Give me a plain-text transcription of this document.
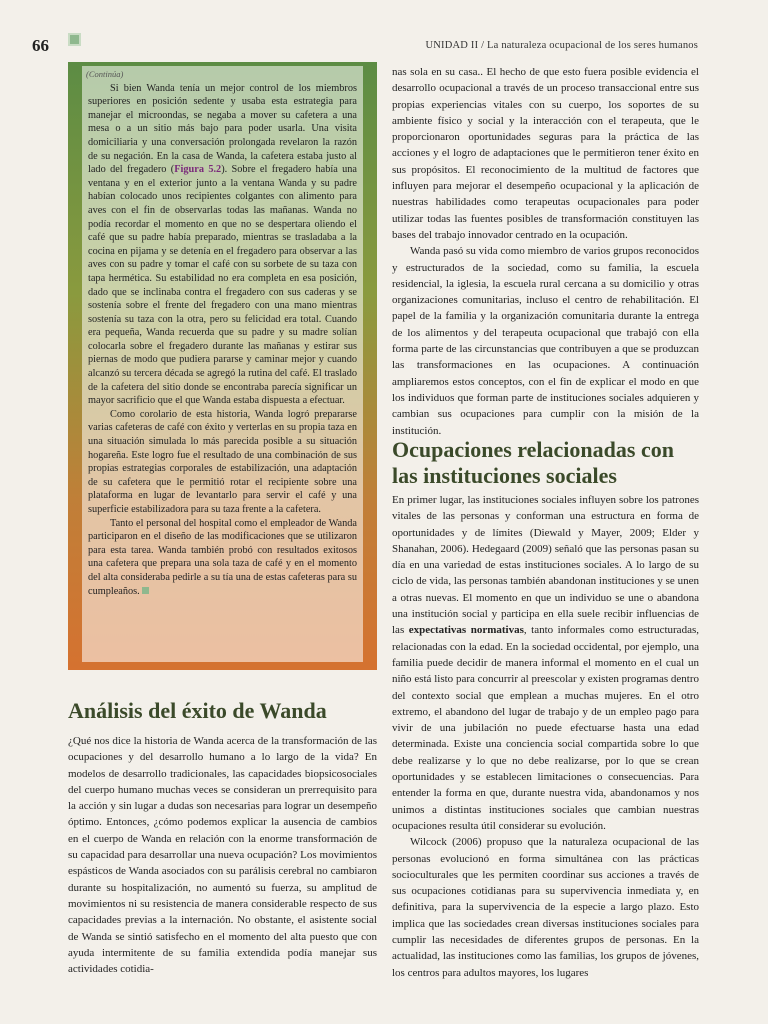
66	UNIDAD II / La naturaleza ocupacional de los seres humanos

(Continúa)

Si bien Wanda tenía un mejor control de los miembros superiores en posición sedente y usaba esta estrategia para manejar el microondas, se negaba a mover su cafetera a una mesa o a un sitio más bajo para poder usarla. Una visita domiciliaria y una conversación prolongada revelaron la razón de su negación. En la casa de Wanda, la cafetera estaba justo al lado del fregadero (Figura 5.2). Sobre el fregadero había una ventana y en el exterior junto a la ventana Wanda y su padre habían colocado unos recipientes colgantes con alimento para aves con el fin de observarlas todas las mañanas. Wanda no podía recordar el momento en que no se despertara oliendo el café que su padre había preparado, mientras se trasladaba a la cocina en pijama y se detenía en el fregadero para observar a las aves con su padre y tomar el café con su sorbete de su taza con tapa hermética. Su estabilidad no era completa en esa posición, dado que se inclinaba contra el fregadero con sus caderas y se sostenía sobre el frente del fregadero con una mano mientras sostenía su taza con la otra, pero su felicidad era total. Cuando era pequeña, Wanda recuerda que su padre y su madre solían colocarla sobre el fregadero durante las mañanas y estirar sus piernas de modo que pudiera pararse y caminar mejor y cuando alcanzó su tercera década se agregó la rutina del café. El traslado de la cafetera del sitio donde se encontraba parecía significar un mayor sacrificio que el que Wanda estaba dispuesta a efectuar.

Como corolario de esta historia, Wanda logró prepararse varias cafeteras de café con éxito y verterlas en su propia taza en una situación simulada lo más parecida posible a su situación hogareña. Este logro fue el resultado de una combinación de sus propias estrategias corporales de estabilización, una adaptación de su cafetera que le permitió rotar el recipiente sobre una plataforma en lugar de levantarlo para servir el café y una superficie estabilizadora para su taza frente a la cafetera.

Tanto el personal del hospital como el empleador de Wanda participaron en el diseño de las modificaciones que se utilizaron para esta tarea. Wanda también probó con resultados exitosos una cafetera que prepara una sola taza de café y en el momento del alta consideraba pedirle a su tía una de estas cafeteras para su cumpleaños.

Análisis del éxito de Wanda

¿Qué nos dice la historia de Wanda acerca de la transformación de las ocupaciones y del desarrollo humano a lo largo de la vida? En modelos de desarrollo tradicionales, las capacidades biopsicosociales del cuerpo humano muchas veces se consideran un prerrequisito para la acción y sin lugar a dudas son necesarias para lograr un desempeño óptimo. Entonces, ¿cómo podemos explicar la ausencia de cambios en el cuerpo de Wanda en relación con la enorme transformación de su capacidad para desarrollar una nueva ocupación? Los movimientos espásticos de Wanda asociados con su parálisis cerebral no cambiaron durante su hospitalización, no aumentó su fuerza, su amplitud de movimientos ni su resistencia de manera considerable respecto de sus capacidades previas a la internación. No obstante, el asistente social de Wanda se sintió satisfecho en el momento del alta puesto que con ayuda intermitente de su familia extendida podía manejar sus actividades cotidia-

nas sola en su casa.. El hecho de que esto fuera posible evidencia el desarrollo ocupacional a través de un proceso transaccional entre sus propias experiencias vitales con su cuerpo, los soportes de su ambiente físico y social y la interacción con el terapeuta, que le proporcionaron oportunidades seguras para la práctica de las acciones y el logro de adaptaciones que le permitieron tener éxito en sus propósitos. El reconocimiento de la multitud de factores que influyen para mejorar el desempeño ocupacional y la aplicación de nuestras habilidades como terapeutas ocupacionales para poder utilizar todas las fuentes posibles de transformación constituyen las bases del trabajo innovador centrado en la ocupación.

Wanda pasó su vida como miembro de varios grupos reconocidos y estructurados de la sociedad, como su familia, la escuela residencial, la iglesia, la escuela rural cercana a su domicilio y otras organizaciones comunitarias, incluso el centro de rehabilitación. El papel de la familia y la organización comunitaria durante la entrega de los alimentos y del terapeuta ocupacional que trabajó con ella forma parte de las circunstancias que contribuyen a que se produzcan las transformaciones en las ocupaciones. A continuación ampliaremos estos conceptos, con el fin de explicar el modo en que los individuos que forman parte de instituciones sociales adquieren y cambian sus ocupaciones para cumplir con la misión de la institución.

Ocupaciones relacionadas con las instituciones sociales

En primer lugar, las instituciones sociales influyen sobre los patrones vitales de las personas y conforman una estructura en forma de oportunidades y de límites (Diewald y Mayer, 2009; Elder y Shanahan, 2006). Hedegaard (2009) señaló que las personas pasan su día en una variedad de estas instituciones sociales. A lo largo de su ciclo de vida, las personas también abandonan instituciones y se unen a otras nuevas. El momento en que un individuo se une o abandona una institución social y participa en ella suele recibir influencias de las expectativas normativas, tanto informales como estructuradas, relacionadas con la edad. En la sociedad occidental, por ejemplo, una familia puede decidir de manera informal el momento en el cual un niño está listo para concurrir al preescolar y existen programas dentro del contexto social que emplean a muchas mujeres. En el otro extremo, el abandono del lugar de trabajo y de un empleo pago para vivir de una jubilación no puede efectuarse hasta una edad determinada. Existe una conciencia social compartida sobre lo que debe realizarse y lo que no debe realizarse, por lo que se crean oportunidades y se establecen limitaciones o consecuencias. Para entender la forma en que, durante nuestra vida, abandonamos y nos unimos a distintas instituciones sociales que cambian nuestras ocupaciones resulta útil considerar su evolución.

Wilcock (2006) propuso que la naturaleza ocupacional de las personas evolucionó en forma simultánea con las prácticas socioculturales que les permiten coordinar sus acciones a través de sus ocupaciones cotidianas para su supervivencia inmediata y, en definitiva, para la supervivencia de la especie a largo plazo. Esto implica que las sociedades crean diversas instituciones sociales para cumplir las necesidades de diferentes grupos de personas. En la actualidad, las instituciones como las familias, los grupos de jóvenes, los centros para adultos mayores, los lugares
